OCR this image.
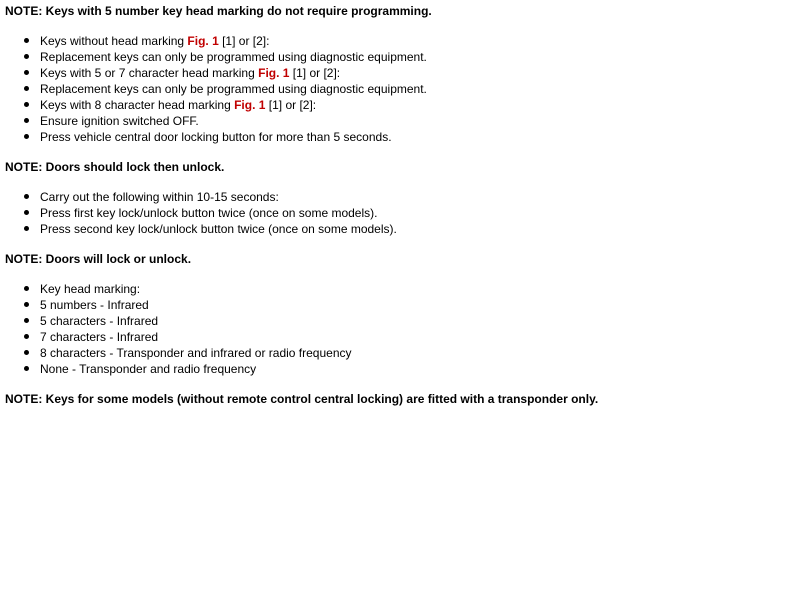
NOTE: Keys with 5 number key head marking do not require programming.

Keys without head marking Fig. 1 [1] or [2]:
Replacement keys can only be programmed using diagnostic equipment.
Keys with 5 or 7 character head marking Fig. 1 [1] or [2]:
Replacement keys can only be programmed using diagnostic equipment.
Keys with 8 character head marking Fig. 1 [1] or [2]:
Ensure ignition switched OFF.
Press vehicle central door locking button for more than 5 seconds.

NOTE: Doors should lock then unlock.

Carry out the following within 10-15 seconds:
Press first key lock/unlock button twice (once on some models).
Press second key lock/unlock button twice (once on some models).

NOTE: Doors will lock or unlock.

Key head marking:
5 numbers - Infrared
5 characters - Infrared
7 characters - Infrared
8 characters - Transponder and infrared or radio frequency
None - Transponder and radio frequency

NOTE: Keys for some models (without remote control central locking) are fitted with a transponder only.
